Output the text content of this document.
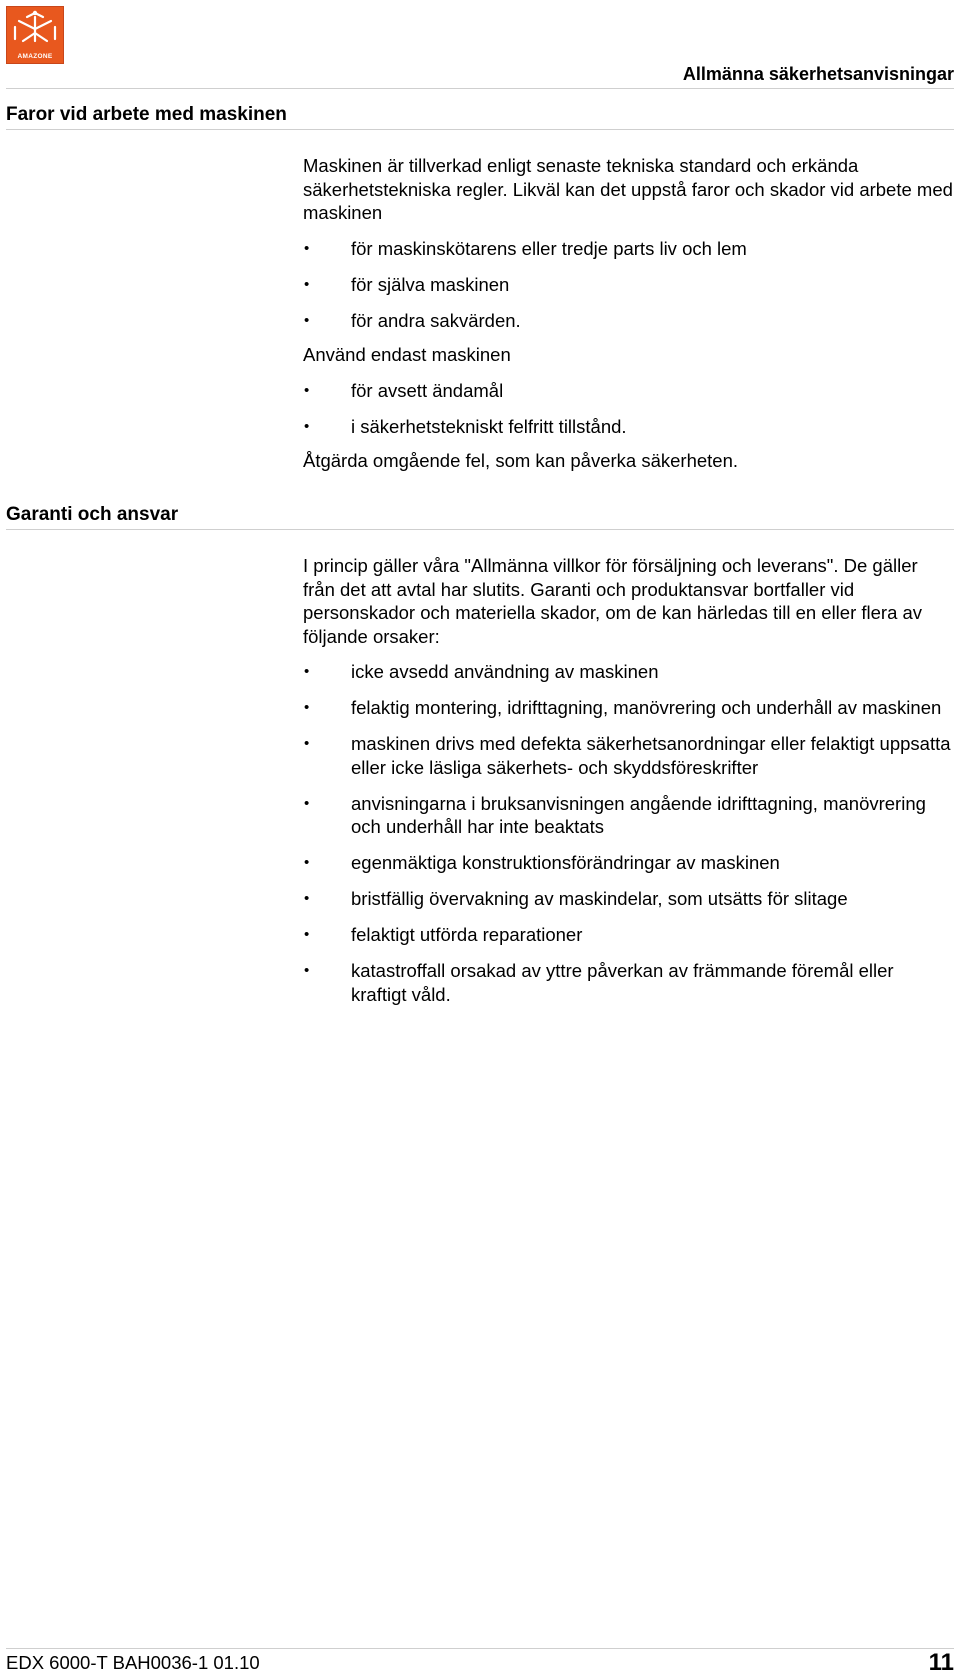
AMAZONE
Allmänna säkerhetsanvisningar
Faror vid arbete med maskinen

Maskinen är tillverkad enligt senaste tekniska standard och erkända säkerhetstekniska regler. Likväl kan det uppstå faror och skador vid arbete med maskinen

• för maskinskötarens eller tredje parts liv och lem
• för själva maskinen
• för andra sakvärden.

Använd endast maskinen

• för avsett ändamål
• i säkerhetstekniskt felfritt tillstånd.

Åtgärda omgående fel, som kan påverka säkerheten.

Garanti och ansvar

I princip gäller våra "Allmänna villkor för försäljning och leverans". De gäller från det att avtal har slutits. Garanti och produktansvar bortfaller vid personskador och materiella skador, om de kan härledas till en eller flera av följande orsaker:

• icke avsedd användning av maskinen
• felaktig montering, idrifttagning, manövrering och underhåll av maskinen
• maskinen drivs med defekta säkerhetsanordningar eller felaktigt uppsatta eller icke läsliga säkerhets- och skyddsföreskrifter
• anvisningarna i bruksanvisningen angående idrifttagning, manövrering och underhåll har inte beaktats
• egenmäktiga konstruktionsförändringar av maskinen
• bristfällig övervakning av maskindelar, som utsätts för slitage
• felaktigt utförda reparationer
• katastroffall orsakad av yttre påverkan av främmande föremål eller kraftigt våld.
EDX 6000-T BAH0036-1 01.10	11
